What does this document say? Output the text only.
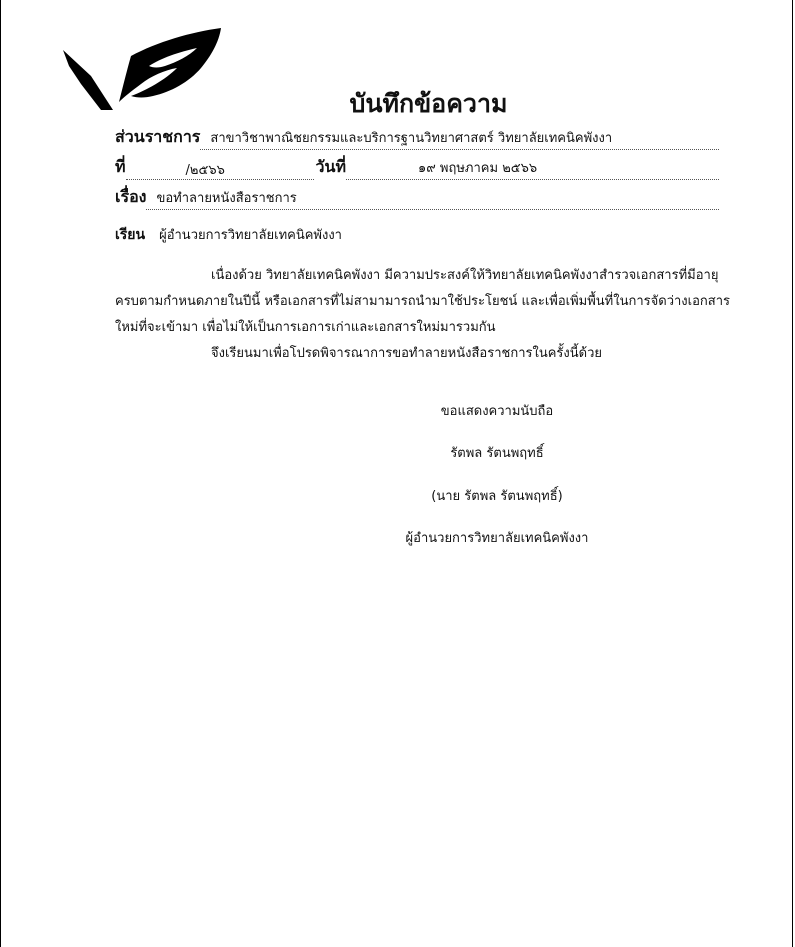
บันทึกข้อความ
ส่วนราชการ สาขาวิชาพาณิชยกรรมและบริการฐานวิทยาศาสตร์ วิทยาลัยเทคนิคพังงา
ที่	/๒๕๖๖	วันที่	๑๙ พฤษภาคม ๒๕๖๖
เรื่อง ขอทำลายหนังสือราชการ
เรียน ผู้อำนวยการวิทยาลัยเทคนิคพังงา

เนื่องด้วย วิทยาลัยเทคนิคพังงา มีความประสงค์ให้วิทยาลัยเทคนิคพังงาสำรวจเอกสารที่มีอายุ

ครบตามกำหนดภายในปีนี้ หรือเอกสารที่ไม่สามามารถนำมาใช้ประโยชน์ และเพื่อเพิ่มพื้นที่ในการจัดว่างเอกสาร

ใหม่ที่จะเข้ามา เพื่อไม่ให้เป็นการเอการเก่าและเอกสารใหม่มารวมกัน

จึงเรียนมาเพื่อโปรดพิจารณาการขอทำลายหนังสือราชการในครั้งนี้ด้วย

ขอแสดงความนับถือ
รัตพล รัตนพฤทธิ์
(นาย รัตพล รัตนพฤทธิ์)
ผู้อำนวยการวิทยาลัยเทคนิคพังงา
